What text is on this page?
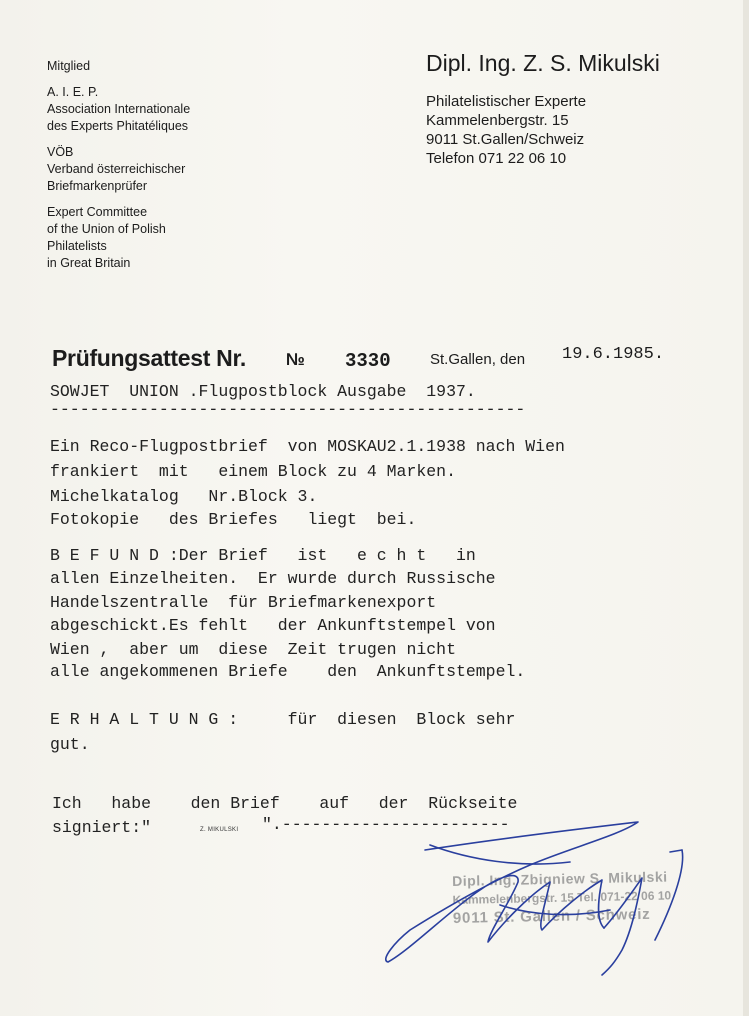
Mitglied
A. I. E. P.
Association Internationale
des Experts Phitatéliques
VÖB
Verband österreichischer
Briefmarkenprüfer
Expert Committee
of the Union of Polish
Philatelists
in Great Britain
Dipl. Ing. Z. S. Mikulski
Philatelistischer Experte
Kammelenbergstr. 15
9011 St.Gallen/Schweiz
Telefon 071 22 06 10
Prüfungsattest Nr. № 3330	St.Gallen, den 19.6.1985.
SOWJET  UNION .Flugpostblock Ausgabe  1937.
------------------------------------------------
Ein Reco-Flugpostbrief  von MOSKAU2.1.1938 nach Wien
frankiert  mit   einem Block zu 4 Marken.
Michelkatalog   Nr.Block 3.
Fotokopie   des Briefes   liegt  bei.
B E F U N D :Der Brief   ist   e c h t   in
allen Einzelheiten.  Er wurde durch Russische
Handelszentralle  für Briefmarkenexport
abgeschickt.Es fehlt   der Ankunftstempel von
Wien ,  aber um  diese  Zeit trugen nicht
alle angekommenen Briefe    den  Ankunftstempel.
E R H A L T U N G :     für  diesen  Block sehr
gut.
Ich   habe    den Brief    auf   der  Rückseite
signiert:"	Z. MIKULSKI ".-----------------------
Dipl. Ing. Zbigniew S. Mikulski
Kammelenbergstr. 15 Tel. 071-22 06 10
9011 St. Gallen / Schweiz
